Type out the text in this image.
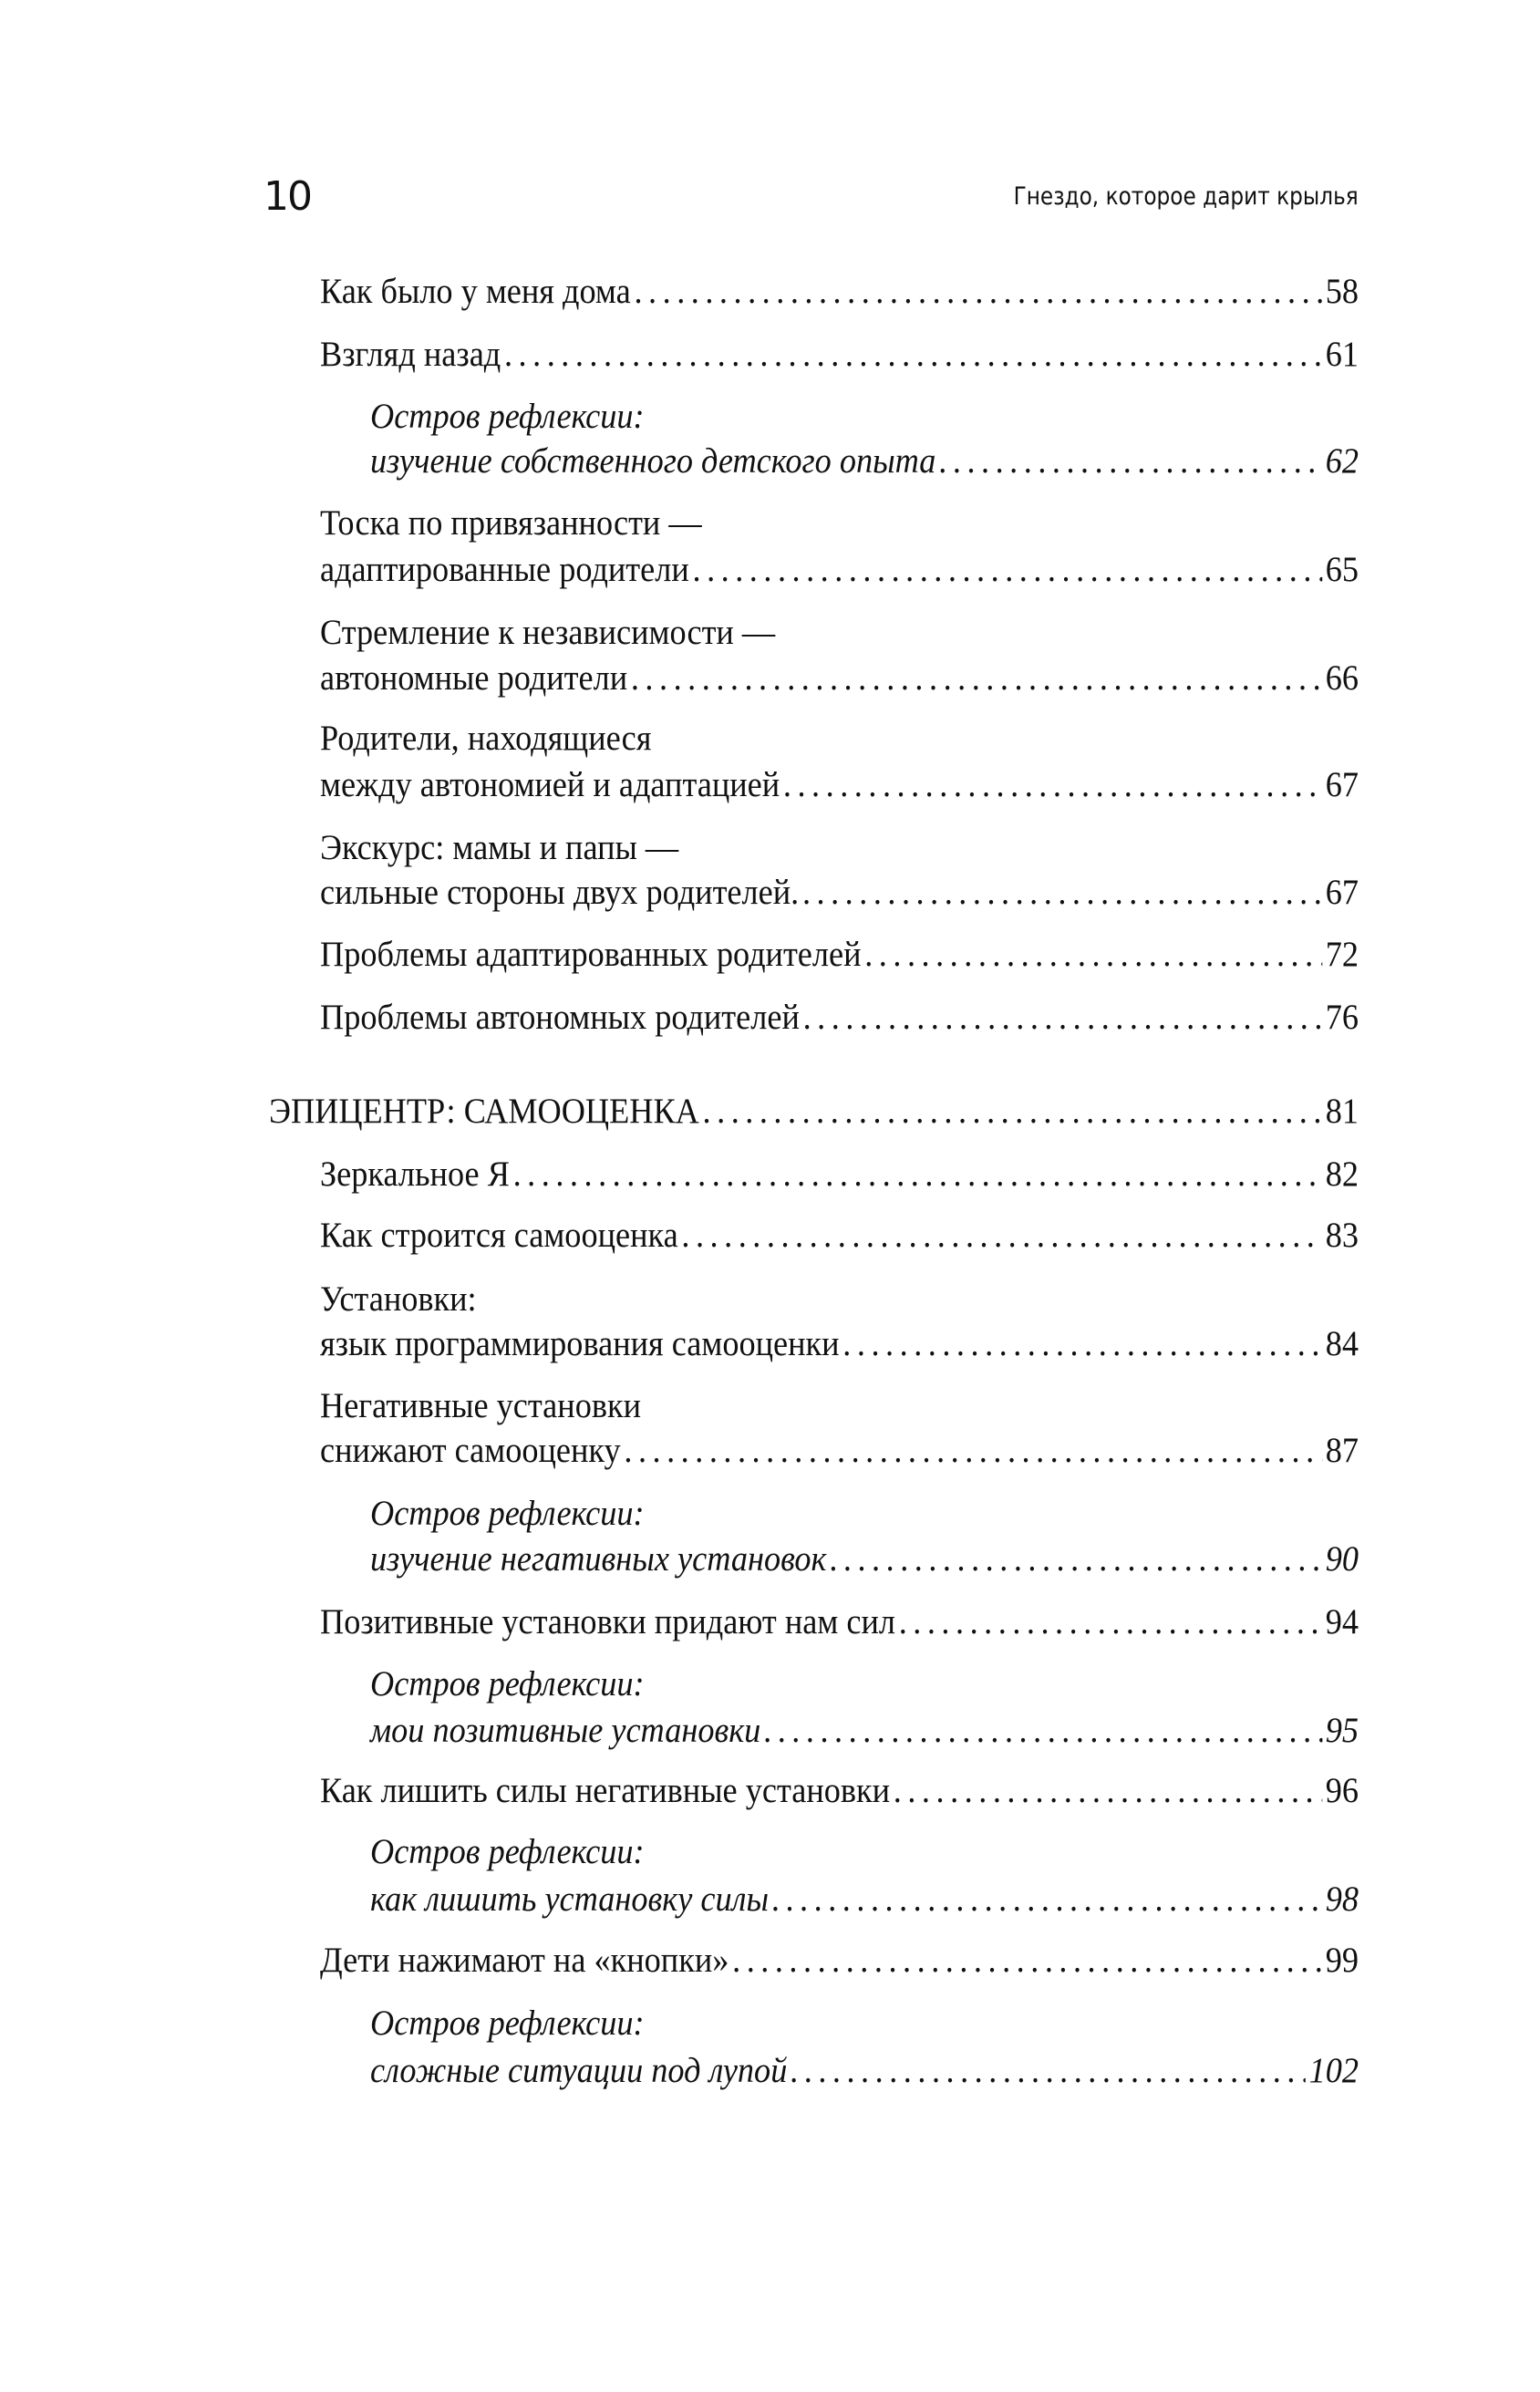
10	Гнездо, которое дарит крылья
Как было у меня дома .....	58
Взгляд назад .....	61
Остров рефлексии:
изучение собственного детского опыта .....	62
Тоска по привязанности —
адаптированные родители .....	65
Стремление к независимости —
автономные родители .....	66
Родители, находящиеся
между автономией и адаптацией .....	67
Экскурс: мамы и папы —
сильные стороны двух родителей. .....	67
Проблемы адаптированных родителей .....	72
Проблемы автономных родителей .....	76
ЭПИЦЕНТР: САМООЦЕНКА .....	81
Зеркальное Я .....	82
Как строится самооценка .....	83
Установки:
язык программирования самооценки .....	84
Негативные установки
снижают самооценку .....	87
Остров рефлексии:
изучение негативных установок .....	90
Позитивные установки придают нам сил .....	94
Остров рефлексии:
мои позитивные установки .....	95
Как лишить силы негативные установки .....	96
Остров рефлексии:
как лишить установку силы .....	98
Дети нажимают на «кнопки» .....	99
Остров рефлексии:
сложные ситуации под лупой .....	102
